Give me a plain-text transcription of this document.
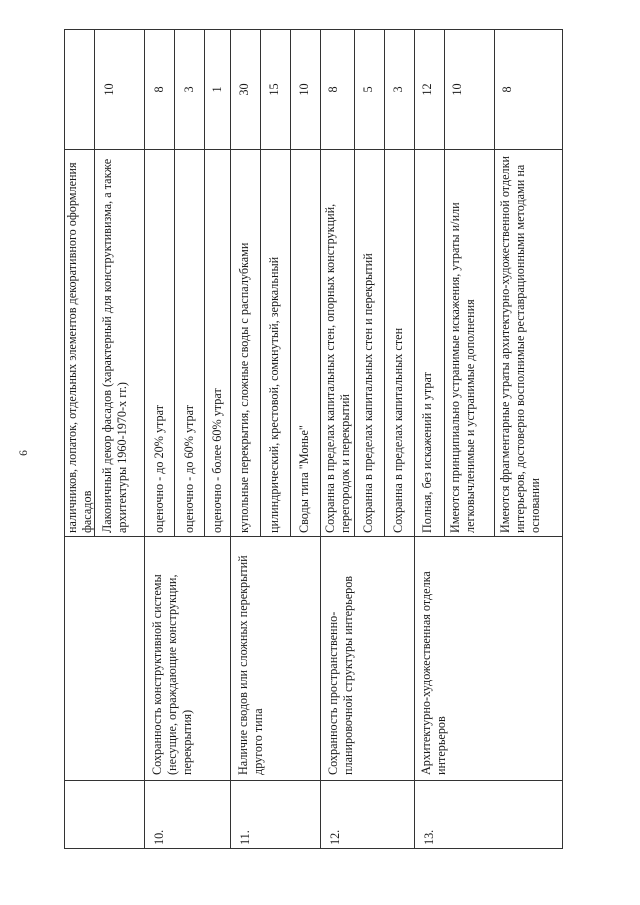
6	наличников, лопаток, отдельных элементов декоративного оформления фасадов Лаконичный декор фасадов (характерный для конструктивизма, а также архитектуры 1960-1970-х гг.)
10
10.
Сохранность конструктивной системы (несущие, ограждающие конструкции, перекрытия)
оценочно - до 20% утрат
8
оценочно - до 60% утрат
3
оценочно - более 60% утрат
1
11.
Наличие сводов или сложных перекрытий другого типа
купольные перекрытия, сложные своды с распалубками
30
цилиндрический, крестовой, сомкнутый, зеркальный
15
Своды типа "Монье"
10
12.
Сохранность пространственно-планировочной структуры интерьеров
Сохранна в пределах капитальных стен, опорных конструкций, перегородок и перекрытий
8
Сохранна в пределах капитальных стен и перекрытий
5
Сохранна в пределах капитальных стен
3
13.
Архитектурно-художественная отделка интерьеров
Полная, без искажений и утрат
12
Имеются принципиально устранимые искажения, утраты и/или легковычленимые и устранимые дополнения
10
Имеются фрагментарные утраты архитектурно-художественной отделки интерьеров, достоверно восполнимые реставрационными методами на основании
8
